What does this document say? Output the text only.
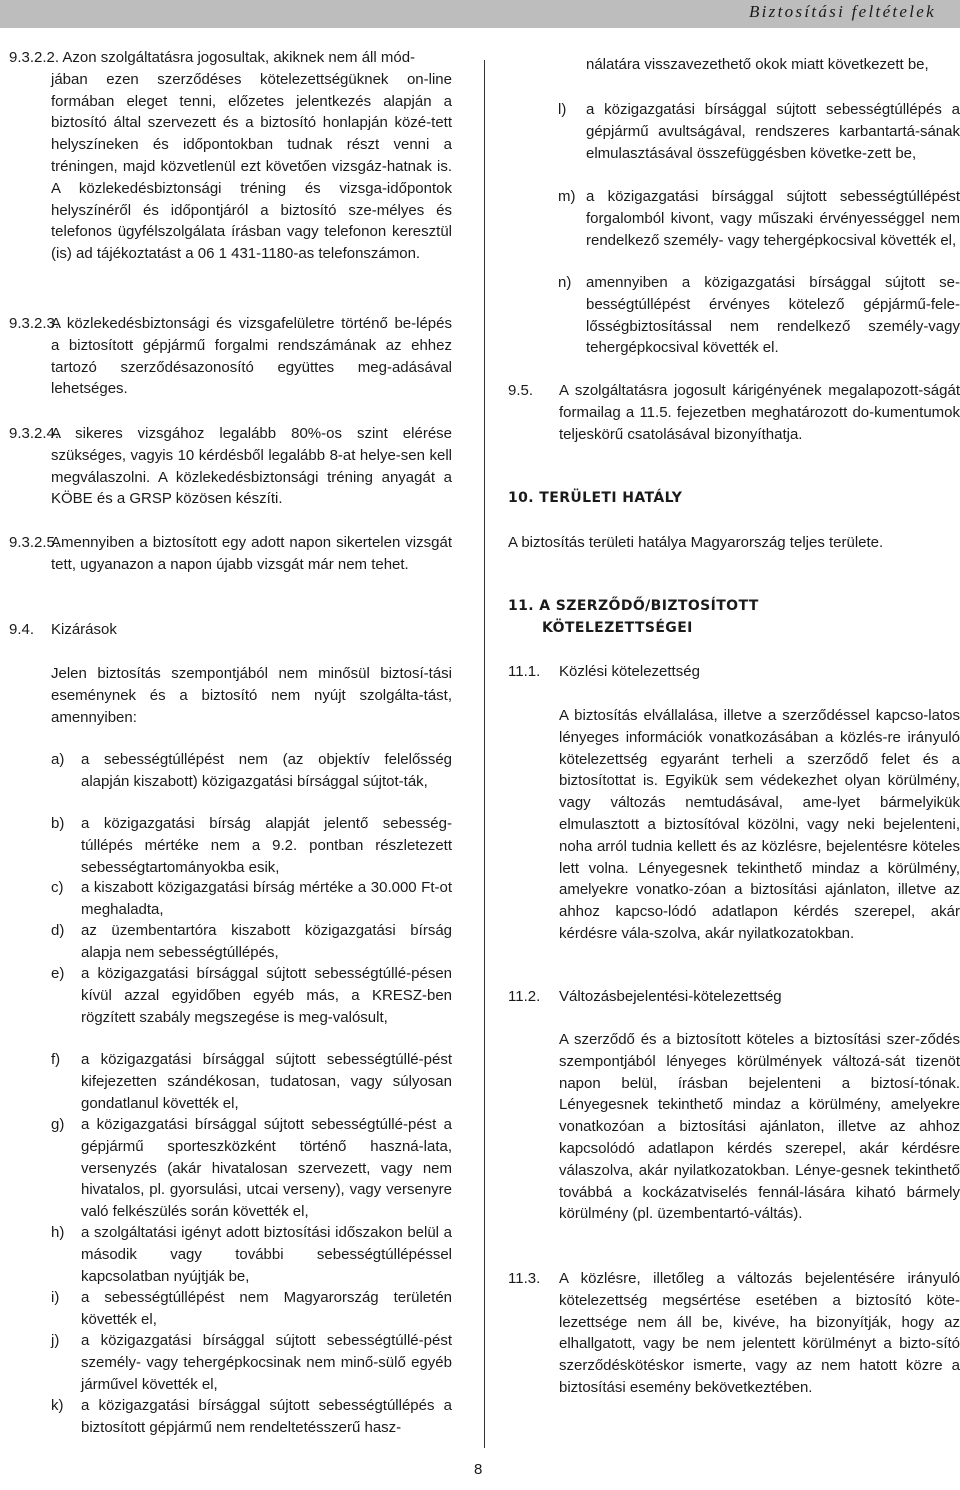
Biztosítási feltételek
9.3.2.2. Azon szolgáltatásra jogosultak, akiknek nem áll mód-
jában ezen szerződéses kötelezettségüknek on-line formában eleget tenni, előzetes jelentkezés alapján a biztosító által szervezett és a biztosító honlapján közé-tett helyszíneken és időpontokban tudnak részt venni a tréningen, majd közvetlenül ezt követően vizsgáz-hatnak is. A közlekedésbiztonsági tréning és vizsga-időpontok helyszínéről és időpontjáról a biztosító sze-mélyes és telefonos ügyfélszolgálata írásban vagy telefonon keresztül (is) ad tájékoztatást a 06 1 431-1180-as telefonszámon.
9.3.2.3.
A közlekedésbiztonsági és vizsgafelületre történő be-lépés a biztosított gépjármű forgalmi rendszámának az ehhez tartozó szerződésazonosító együttes meg-adásával lehetséges.
9.3.2.4.
A sikeres vizsgához legalább 80%-os szint elérése szükséges, vagyis 10 kérdésből legalább 8-at helye-sen kell megválaszolni. A közlekedésbiztonsági tréning anyagát a KÖBE és a GRSP közösen készíti.
9.3.2.5.
Amennyiben a biztosított egy adott napon sikertelen vizsgát tett, ugyanazon a napon újabb vizsgát már nem tehet.
9.4. Kizárások
Jelen biztosítás szempontjából nem minősül biztosí-tási eseménynek és a biztosító nem nyújt szolgálta-tást, amennyiben:
a) a sebességtúllépést nem (az objektív felelősség alapján kiszabott) közigazgatási bírsággal sújtot-ták,
b) a közigazgatási bírság alapját jelentő sebesség-túllépés mértéke nem a 9.2. pontban részletezett sebességtartományokba esik,
c) a kiszabott közigazgatási bírság mértéke a 30.000 Ft-ot meghaladta,
d) az üzembentartóra kiszabott közigazgatási bírság alapja nem sebességtúllépés,
e) a közigazgatási bírsággal sújtott sebességtúllé-pésen kívül azzal egyidőben egyéb más, a KRESZ-ben rögzített szabály megszegése is meg-valósult,
f) a közigazgatási bírsággal sújtott sebességtúllé-pést kifejezetten szándékosan, tudatosan, vagy súlyosan gondatlanul követték el,
g) a közigazgatási bírsággal sújtott sebességtúllé-pést a gépjármű sporteszközként történő haszná-lata, versenyzés (akár hivatalosan szervezett, vagy nem hivatalos, pl. gyorsulási, utcai verseny), vagy versenyre való felkészülés során követték el,
h) a szolgáltatási igényt adott biztosítási időszakon belül a második vagy további sebességtúllépéssel kapcsolatban nyújtják be,
i) a sebességtúllépést nem Magyarország területén követték el,
j) a közigazgatási bírsággal sújtott sebességtúllé-pést személy- vagy tehergépkocsinak nem minő-sülő egyéb járművel követték el,
k) a közigazgatási bírsággal sújtott sebességtúllépés a biztosított gépjármű nem rendeltetésszerű hasz-
nálatára visszavezethető okok miatt következett be,
l) a közigazgatási bírsággal sújtott sebességtúllépés a gépjármű avultságával, rendszeres karbantartá-sának elmulasztásával összefüggésben követke-zett be,
m) a közigazgatási bírsággal sújtott sebességtúllépést forgalomból kivont, vagy műszaki érvényességgel nem rendelkező személy- vagy tehergépkocsival követték el,
n) amennyiben a közigazgatási bírsággal sújtott se-bességtúllépést érvényes kötelező gépjármű-fele-lősségbiztosítással nem rendelkező személy-vagy tehergépkocsival követték el.
9.5. A szolgáltatásra jogosult kárigényének megalapozott-ságát formailag a 11.5. fejezetben meghatározott do-kumentumok teljeskörű csatolásával bizonyíthatja.
10. TERÜLETI HATÁLY
A biztosítás területi hatálya Magyarország teljes területe.
11. A SZERZŐDŐ/BIZTOSÍTOTT
KÖTELEZETTSÉGEI
11.1. Közlési kötelezettség
A biztosítás elvállalása, illetve a szerződéssel kapcso-latos lényeges információk vonatkozásában a közlés-re irányuló kötelezettség egyaránt terheli a szerződő felet és a biztosítottat is. Egyikük sem védekezhet olyan körülmény, vagy változás nemtudásával, ame-lyet bármelyikük elmulasztott a biztosítóval közölni, vagy neki bejelenteni, noha arról tudnia kellett és az közlésre, bejelentésre köteles lett volna. Lényegesnek tekinthető mindaz a körülmény, amelyekre vonatko-zóan a biztosítási ajánlaton, illetve az ahhoz kapcso-lódó adatlapon kérdés szerepel, akár kérdésre vála-szolva, akár nyilatkozatokban.
11.2. Változásbejelentési-kötelezettség
A szerződő és a biztosított köteles a biztosítási szer-ződés szempontjából lényeges körülmények változá-sát tizenöt napon belül, írásban bejelenteni a biztosí-tónak. Lényegesnek tekinthető mindaz a körülmény, amelyekre vonatkozóan a biztosítási ajánlaton, illetve az ahhoz kapcsolódó adatlapon kérdés szerepel, akár kérdésre válaszolva, akár nyilatkozatokban. Lénye-gesnek tekinthető továbbá a kockázatviselés fennál-lására kiható bármely körülmény (pl. üzembentartó-váltás).
11.3. A közlésre, illetőleg a változás bejelentésére irányuló kötelezettség megsértése esetében a biztosító köte-lezettsége nem áll be, kivéve, ha bizonyítják, hogy az elhallgatott, vagy be nem jelentett körülményt a bizto-sító szerződéskötéskor ismerte, vagy az nem hatott közre a biztosítási esemény bekövetkeztében.
8
